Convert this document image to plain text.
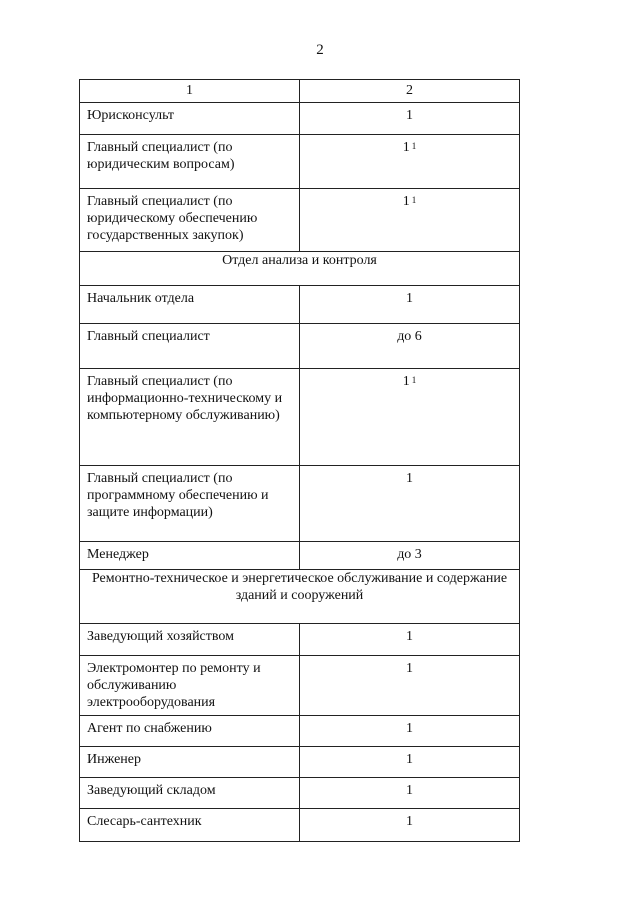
2
1	2
Юрисконсульт	1
Главный специалист (по юридическим вопросам)	1 $^1$
Главный специалист (по юридическому обеспечению государственных закупок)	1 $^1$
Отдел анализа и контроля	
Начальник отдела	1
Главный специалист	до 6
Главный специалист (по информационно-техническому и компьютерному обслуживанию)	1 $^1$
Главный специалист (по программному обеспечению и защите информации)	1
Менеджер	до 3
Ремонтно-техническое и энергетическое обслуживание и содержание зданий и сооружений	
Заведующий хозяйством	1
Электромонтер по ремонту и обслуживанию электрооборудования	1
Агент по снабжению	1
Инженер	1
Заведующий складом	1
Слесарь-сантехник	1
